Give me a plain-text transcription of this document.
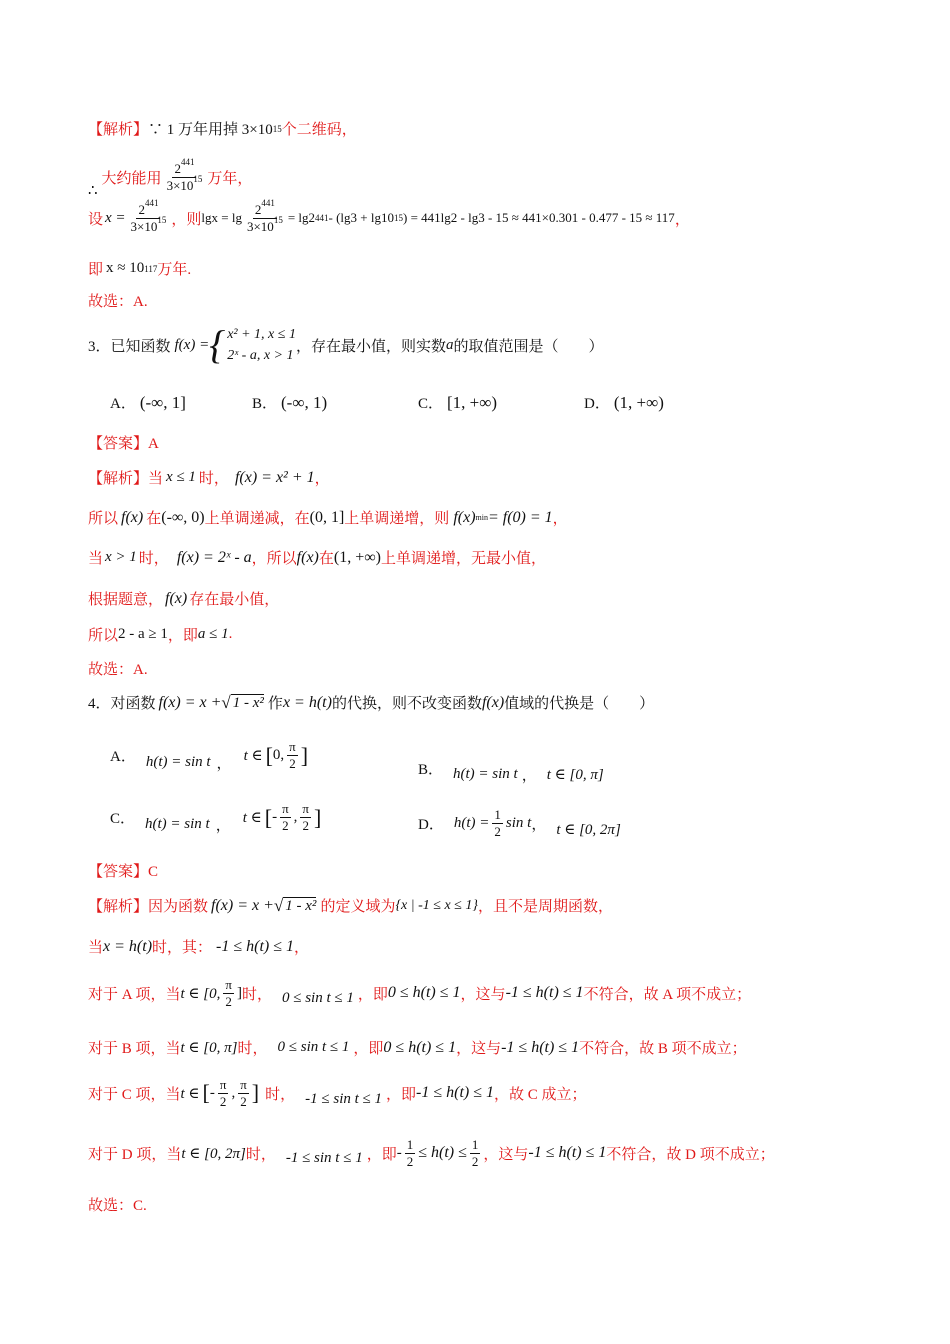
【解析】 ∵ 1 万年用掉 3×10 15 个二维码，
∴
大约能用 $\frac{2^{441}}{3\times 10^{15}}$ 万年，
设 $x = \frac{2^{441}}{3\times 10^{15}}$ ，则 $\lg x = \lg \frac{2^{441}}{3\times 10^{15}} = \lg 2$ 441 - (lg3 + lg10 15 ) = 441lg2 - lg3 - 15 ≈ 441×0.301 - 0.477 - 15 ≈ 117 ，
即 x ≈ 10 117 万年.
故选：A.
3．已知函数 f(x) = { x² + 1, x ≤ 1
2ˣ - a, x > 1
，存在最小值，则实数 a 的取值范围是（　　）
A． (-∞, 1]	B． (-∞, 1)	C． [1, +∞)	D． (1, +∞)
【答案】A
【解析】 当 x ≤ 1 时， f(x) = x² + 1 ，
所以 f(x) 在 (-∞, 0) 上单调递减，在 (0, 1] 上单调递增，则 f(x) min = f(0) = 1 ，
当 x > 1 时， f(x) = 2ˣ - a ，所以 f(x) 在 (1, +∞) 上单调递增，无最小值，
根据题意， f(x) 存在最小值，
所以 2 - a ≥ 1 ，即 a ≤ 1 .
故选：A.
4．对函数 f(x) = x + √ 1 - x² 作 x = h(t) 的代换，则不改变函数 f(x) 值域的代换是（　　）
A． h(t) = sin t ， t ∈ [ 0 , $\frac{\pi}{2}$ ]
B． h(t) = sin t ， t ∈ [0, π]
C． h(t) = sin t ， t ∈ [ - $\frac{\pi}{2}$ , $\frac{\pi}{2}$ ]	D． $h(t) = \frac{1}{2}$ sin t ， t ∈ [0, 2π]
【答案】C
【解析】 因为函数 f(x) = x + √ 1 - x² 的定义域为 {x | -1 ≤ x ≤ 1} ，且不是周期函数，
当 x = h(t) 时，其： -1 ≤ h(t) ≤ 1 ，
对于 A 项，当 t ∈ [0, $\frac{\pi}{2}$ ] 时， 0 ≤ sin t ≤ 1 ，即 0 ≤ h(t) ≤ 1 ，这与 -1 ≤ h(t) ≤ 1 不符合，故 A 项不成立；
对于 B 项，当 t ∈ [0, π] 时， 0 ≤ sin t ≤ 1 ，即 0 ≤ h(t) ≤ 1 ，这与 -1 ≤ h(t) ≤ 1 不符合，故 B 项不成立；
对于 C 项，当 t ∈ [ - $\frac{\pi}{2}$ , $\frac{\pi}{2}$ ] 时， -1 ≤ sin t ≤ 1 ，即 -1 ≤ h(t) ≤ 1 ，故 C 成立；
对于 D 项，当 t ∈ [0, 2π] 时， -1 ≤ sin t ≤ 1 ，即 - $\frac{1}{2} \le h(t) \le \frac{1}{2}$ ，这与 -1 ≤ h(t) ≤ 1 不符合，故 D 项不成立；
故选：C.
